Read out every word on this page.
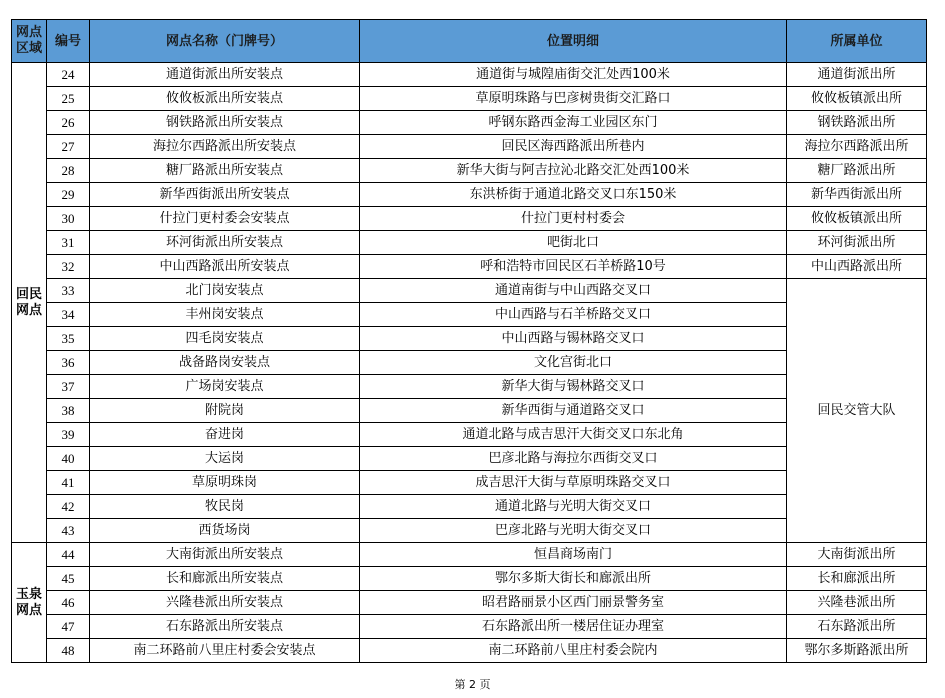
网点区域	编号	网点名称（门牌号）	位置明细	所属单位
回民网点	24	通道街派出所安装点	通道街与城隍庙街交汇处西100米	通道街派出所
	25	攸攸板派出所安装点	草原明珠路与巴彦树贵街交汇路口	攸攸板镇派出所
	26	钢铁路派出所安装点	呼钢东路西金海工业园区东门	钢铁路派出所
	27	海拉尔西路派出所安装点	回民区海西路派出所巷内	海拉尔西路派出所
	28	糖厂路派出所安装点	新华大街与阿吉拉沁北路交汇处西100米	糖厂路派出所
	29	新华西街派出所安装点	东洪桥街于通道北路交叉口东150米	新华西街派出所
	30	什拉门更村委会安装点	什拉门更村村委会	攸攸板镇派出所
	31	环河街派出所安装点	吧街北口	环河街派出所
	32	中山西路派出所安装点	呼和浩特市回民区石羊桥路10号	中山西路派出所
	33	北门岗安装点	通道南街与中山西路交叉口	回民交管大队
	34	丰州岗安装点	中山西路与石羊桥路交叉口	
	35	四毛岗安装点	中山西路与锡林路交叉口	
	36	战备路岗安装点	文化宫街北口	
	37	广场岗安装点	新华大街与锡林路交叉口	
	38	附院岗	新华西街与通道路交叉口	
	39	奋进岗	通道北路与成吉思汗大街交叉口东北角	
	40	大运岗	巴彦北路与海拉尔西街交叉口	
	41	草原明珠岗	成吉思汗大街与草原明珠路交叉口	
	42	牧民岗	通道北路与光明大街交叉口	
	43	西货场岗	巴彦北路与光明大街交叉口	
玉泉网点	44	大南街派出所安装点	恒昌商场南门	大南街派出所
	45	长和廊派出所安装点	鄂尔多斯大街长和廊派出所	长和廊派出所
	46	兴隆巷派出所安装点	昭君路丽景小区西门丽景警务室	兴隆巷派出所
	47	石东路派出所安装点	石东路派出所一楼居住证办理室	石东路派出所
	48	南二环路前八里庄村委会安装点	南二环路前八里庄村委会院内	鄂尔多斯路派出所
第 2 页
